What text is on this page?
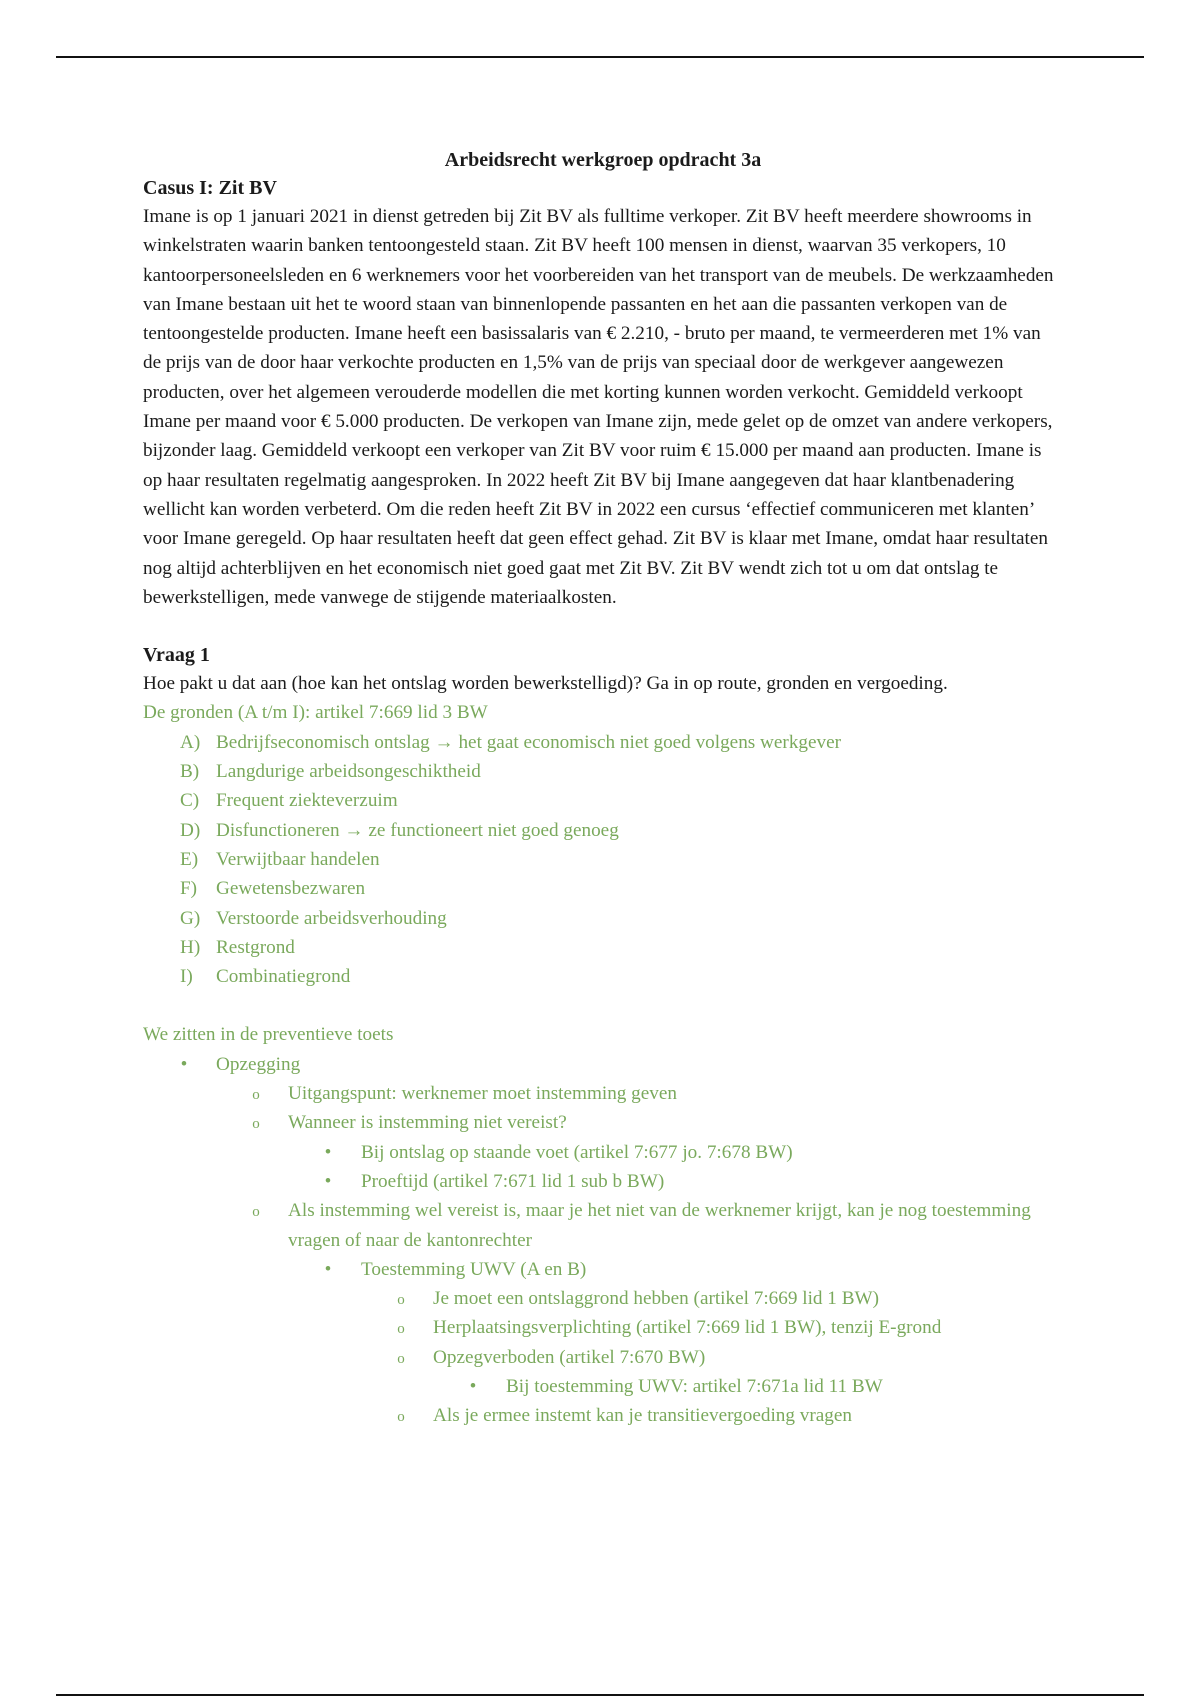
Arbeidsrecht werkgroep opdracht 3a

Casus I: Zit BV

Imane is op 1 januari 2021 in dienst getreden bij Zit BV als fulltime verkoper. Zit BV heeft meerdere showrooms in winkelstraten waarin banken tentoongesteld staan. Zit BV heeft 100 mensen in dienst, waarvan 35 verkopers, 10 kantoorpersoneelsleden en 6 werknemers voor het voorbereiden van het transport van de meubels. De werkzaamheden van Imane bestaan uit het te woord staan van binnenlopende passanten en het aan die passanten verkopen van de tentoongestelde producten. Imane heeft een basissalaris van € 2.210, - bruto per maand, te vermeerderen met 1% van de prijs van de door haar verkochte producten en 1,5% van de prijs van speciaal door de werkgever aangewezen producten, over het algemeen verouderde modellen die met korting kunnen worden verkocht. Gemiddeld verkoopt Imane per maand voor € 5.000 producten. De verkopen van Imane zijn, mede gelet op de omzet van andere verkopers, bijzonder laag. Gemiddeld verkoopt een verkoper van Zit BV voor ruim € 15.000 per maand aan producten. Imane is op haar resultaten regelmatig aangesproken. In 2022 heeft Zit BV bij Imane aangegeven dat haar klantbenadering wellicht kan worden verbeterd. Om die reden heeft Zit BV in 2022 een cursus ‘effectief communiceren met klanten’ voor Imane geregeld. Op haar resultaten heeft dat geen effect gehad. Zit BV is klaar met Imane, omdat haar resultaten nog altijd achterblijven en het economisch niet goed gaat met Zit BV. Zit BV wendt zich tot u om dat ontslag te bewerkstelligen, mede vanwege de stijgende materiaalkosten.

Vraag 1

Hoe pakt u dat aan (hoe kan het ontslag worden bewerkstelligd)? Ga in op route, gronden en vergoeding.

De gronden (A t/m I): artikel 7:669 lid 3 BW

A) Bedrijfseconomisch ontslag → het gaat economisch niet goed volgens werkgever
B) Langdurige arbeidsongeschiktheid
C) Frequent ziekteverzuim
D) Disfunctioneren → ze functioneert niet goed genoeg
E) Verwijtbaar handelen
F) Gewetensbezwaren
G) Verstoorde arbeidsverhouding
H) Restgrond
I) Combinatiegrond

We zitten in de preventieve toets

•
Opzegging
o
Uitgangspunt: werknemer moet instemming geven
o
Wanneer is instemming niet vereist?
•
Bij ontslag op staande voet (artikel 7:677 jo. 7:678 BW)
•
Proeftijd (artikel 7:671 lid 1 sub b BW)
o
Als instemming wel vereist is, maar je het niet van de werknemer krijgt, kan je nog toestemming vragen of naar de kantonrechter
•
Toestemming UWV (A en B)
o
Je moet een ontslaggrond hebben (artikel 7:669 lid 1 BW)
o
Herplaatsingsverplichting (artikel 7:669 lid 1 BW), tenzij E-grond
o
Opzegverboden (artikel 7:670 BW)
•
Bij toestemming UWV: artikel 7:671a lid 11 BW
o
Als je ermee instemt kan je transitievergoeding vragen
